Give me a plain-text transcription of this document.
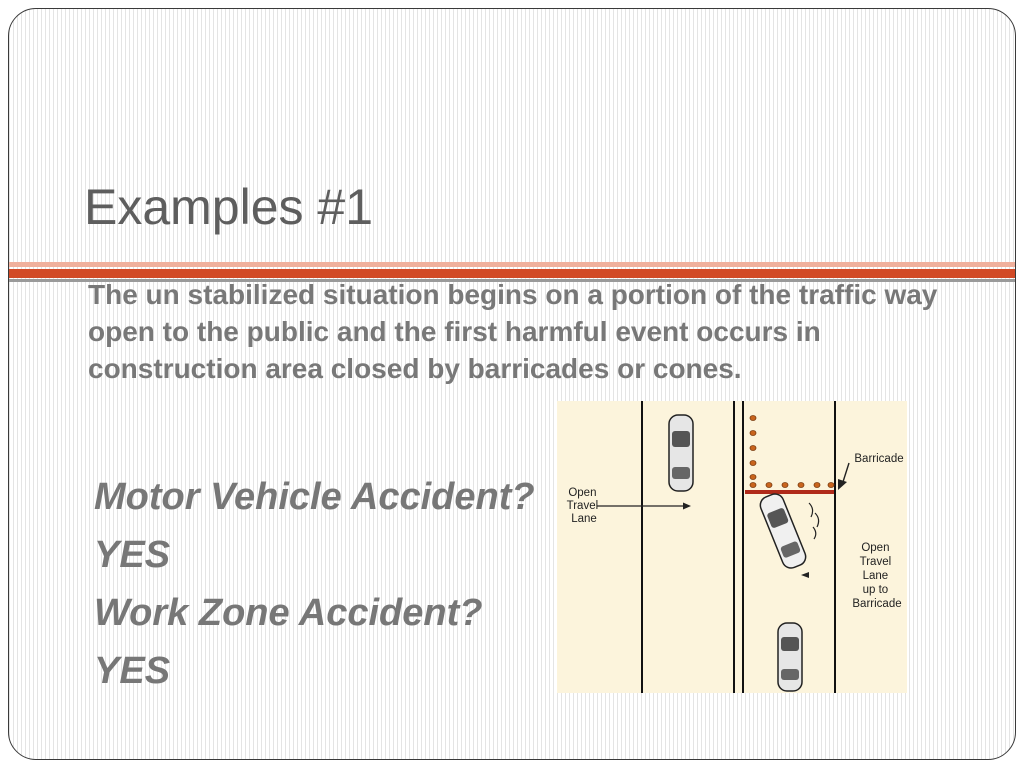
Examples #1

The un stabilized situation begins on a portion of the traffic way open to the public and the first harmful event occurs in construction area closed by barricades or cones.

Motor Vehicle Accident?

YES

Work Zone Accident?

YES

Open Travel Lane
Barricade
Open Travel Lane up to Barricade
